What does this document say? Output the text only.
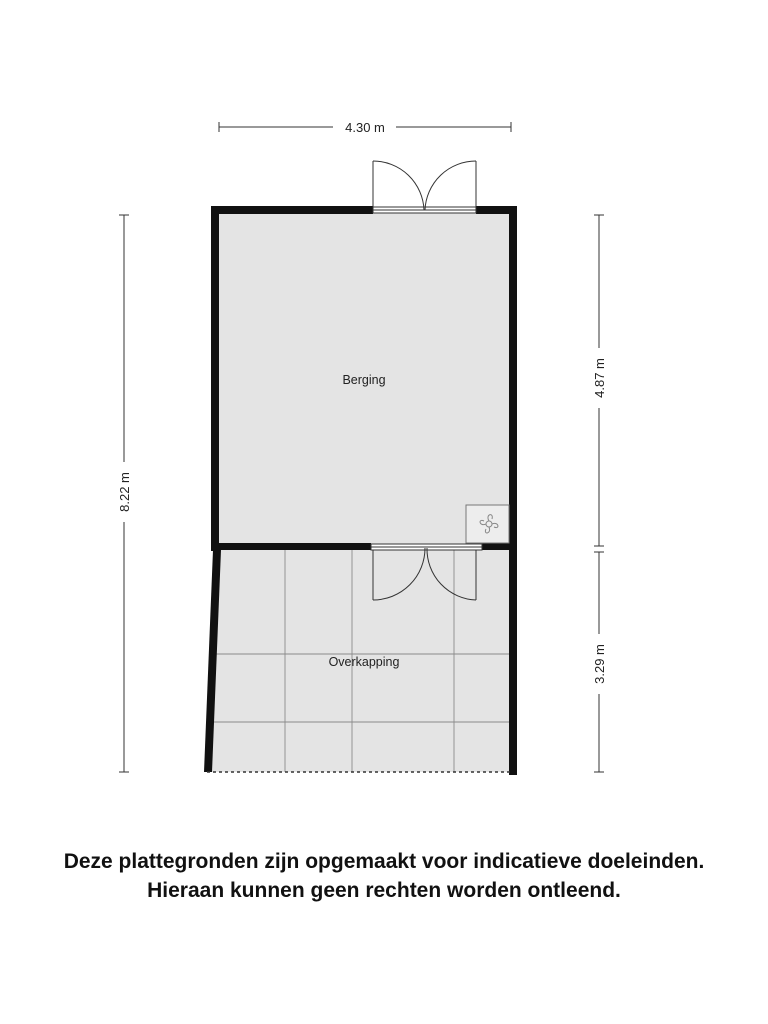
4.30 m
8.22 m
4.87 m
3.29 m
Berging
Overkapping
Deze plattegronden zijn opgemaakt voor indicatieve doeleinden.
Hieraan kunnen geen rechten worden ontleend.
